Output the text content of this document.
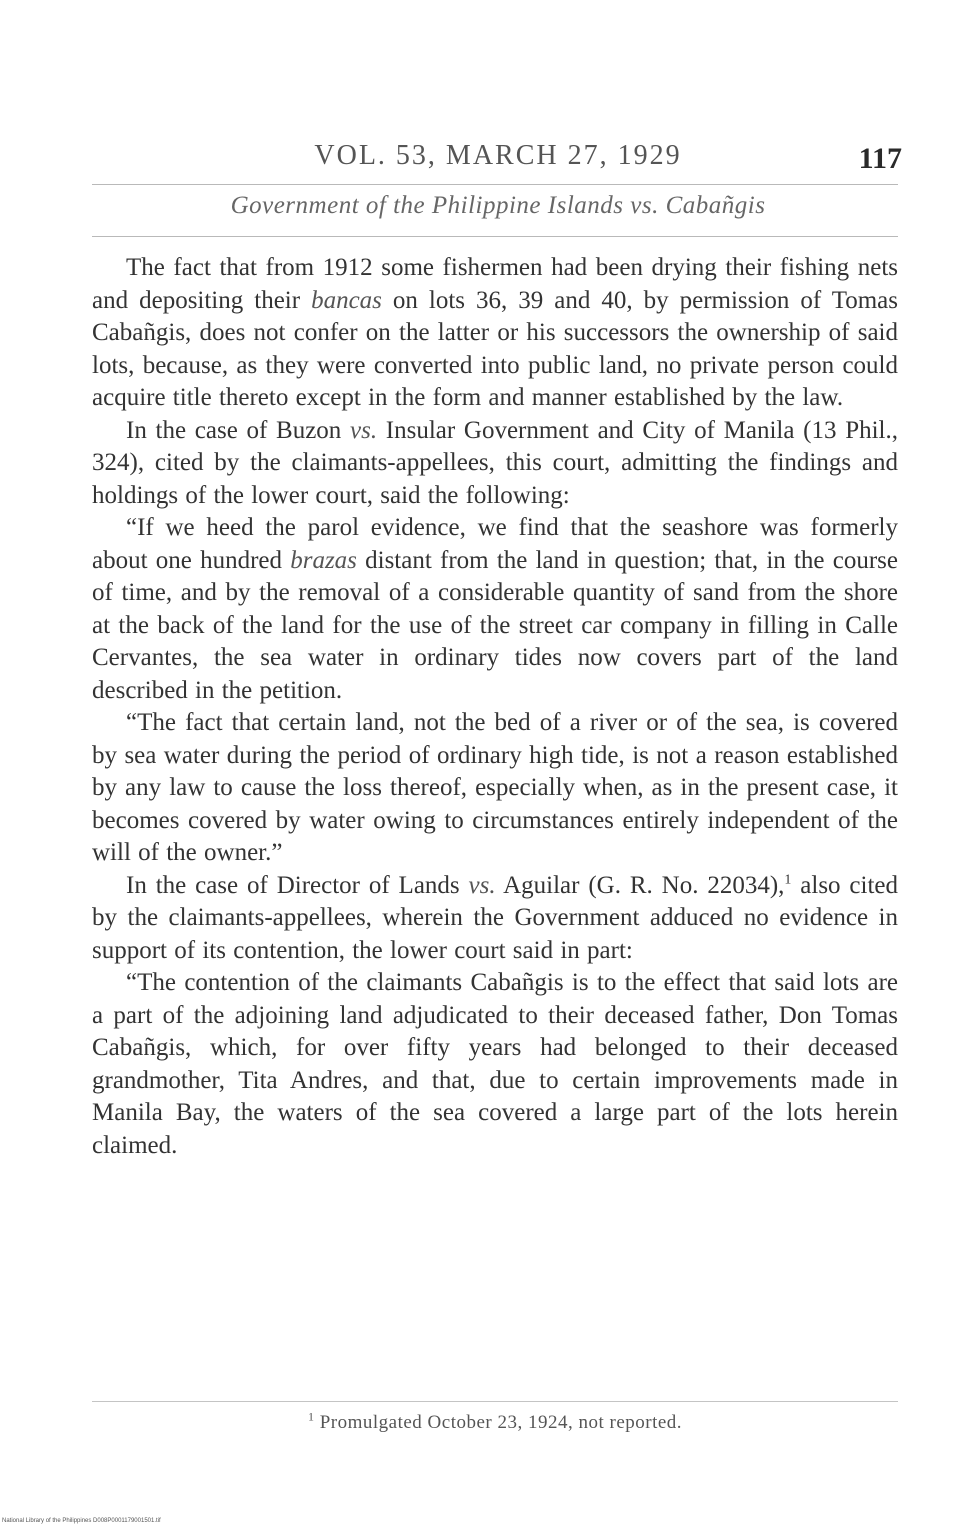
VOL. 53, MARCH 27, 1929	117
Government of the Philippine Islands vs. Cabañgis

The fact that from 1912 some fishermen had been drying their fishing nets and depositing their bancas on lots 36, 39 and 40, by permission of Tomas Cabañgis, does not confer on the latter or his successors the ownership of said lots, because, as they were converted into public land, no private person could acquire title thereto except in the form and manner established by the law.

In the case of Buzon vs. Insular Government and City of Manila (13 Phil., 324), cited by the claimants-appellees, this court, admitting the findings and holdings of the lower court, said the following:

“If we heed the parol evidence, we find that the seashore was formerly about one hundred brazas distant from the land in question; that, in the course of time, and by the removal of a considerable quantity of sand from the shore at the back of the land for the use of the street car company in filling in Calle Cervantes, the sea water in ordinary tides now covers part of the land described in the petition.

“The fact that certain land, not the bed of a river or of the sea, is covered by sea water during the period of ordinary high tide, is not a reason established by any law to cause the loss thereof, especially when, as in the present case, it becomes covered by water owing to circumstances entirely independent of the will of the owner.”

In the case of Director of Lands vs. Aguilar (G. R. No. 22034),$^1$ also cited by the claimants-appellees, wherein the Government adduced no evidence in support of its contention, the lower court said in part:

“The contention of the claimants Cabañgis is to the effect that said lots are a part of the adjoining land adjudicated to their deceased father, Don Tomas Cabañgis, which, for over fifty years had belonged to their deceased grandmother, Tita Andres, and that, due to certain improvements made in Manila Bay, the waters of the sea covered a large part of the lots herein claimed.

$^1$ Promulgated October 23, 1924, not reported.
National Library of the Philippines D008P0001179001501.tif
